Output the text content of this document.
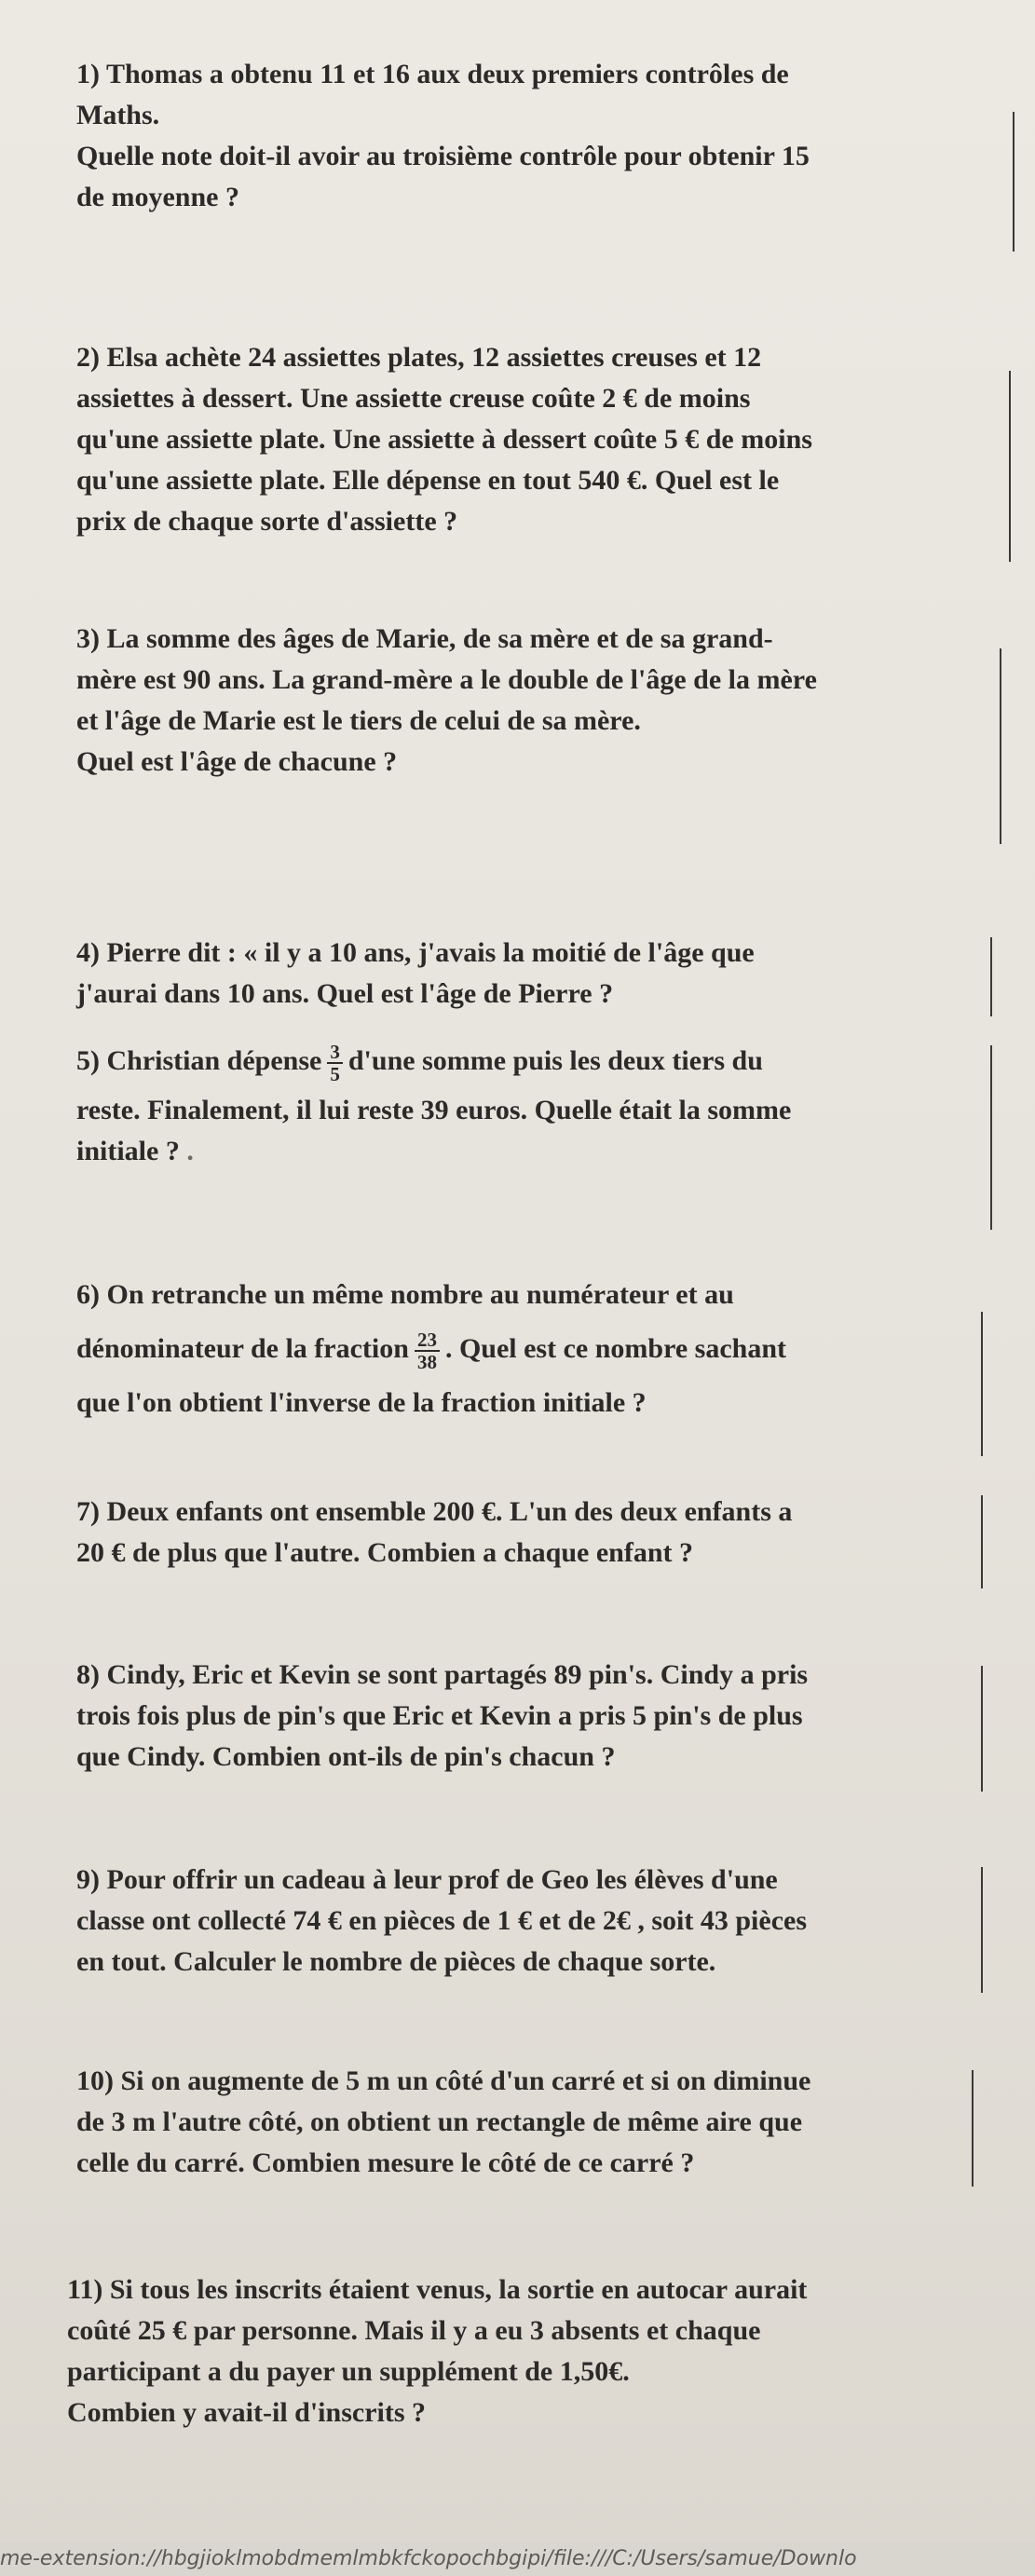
1) Thomas a obtenu 11 et 16 aux deux premiers contrôles de

Maths.

Quelle note doit-il avoir au troisième contrôle pour obtenir 15

de moyenne ?

2) Elsa achète 24 assiettes plates, 12 assiettes creuses et 12

assiettes à dessert. Une assiette creuse coûte 2 € de moins

qu'une assiette plate. Une assiette à dessert coûte 5 € de moins

qu'une assiette plate. Elle dépense en tout 540 €. Quel est le

prix de chaque sorte d'assiette ?

3) La somme des âges de Marie, de sa mère et de sa grand-

mère est 90 ans. La grand-mère a le double de l'âge de la mère

et l'âge de Marie est le tiers de celui de sa mère.

Quel est l'âge de chacune ?

4) Pierre dit : « il y a 10 ans, j'avais la moitié de l'âge que

j'aurai dans 10 ans. Quel est l'âge de Pierre ?

5) Christian dépense $\frac{3}{5} d'une$ somme puis les deux tiers du

reste. Finalement, il lui reste 39 euros. Quelle était la somme

initiale ? .

6) On retranche un même nombre au numérateur et au

dénominateur de la fraction $\frac{23}{38}$ . Quel est ce nombre sachant

que l'on obtient l'inverse de la fraction initiale ?

7) Deux enfants ont ensemble 200 €. L'un des deux enfants a

20 € de plus que l'autre. Combien a chaque enfant ?

8) Cindy, Eric et Kevin se sont partagés 89 pin's. Cindy a pris

trois fois plus de pin's que Eric et Kevin a pris 5 pin's de plus

que Cindy. Combien ont-ils de pin's chacun ?

9) Pour offrir un cadeau à leur prof de Geo les élèves d'une

classe ont collecté 74 € en pièces de 1 € et de 2€ , soit 43 pièces

en tout. Calculer le nombre de pièces de chaque sorte.

10) Si on augmente de 5 m un côté d'un carré et si on diminue

de 3 m l'autre côté, on obtient un rectangle de même aire que

celle du carré. Combien mesure le côté de ce carré ?

11) Si tous les inscrits étaient venus, la sortie en autocar aurait

coûté 25 € par personne. Mais il y a eu 3 absents et chaque

participant a du payer un supplément de 1,50€.

Combien y avait-il d'inscrits ?

me-extension://hbgjioklmobdmemlmbkfckopochbgipi/file:///C:/Users/samue/Downlo
